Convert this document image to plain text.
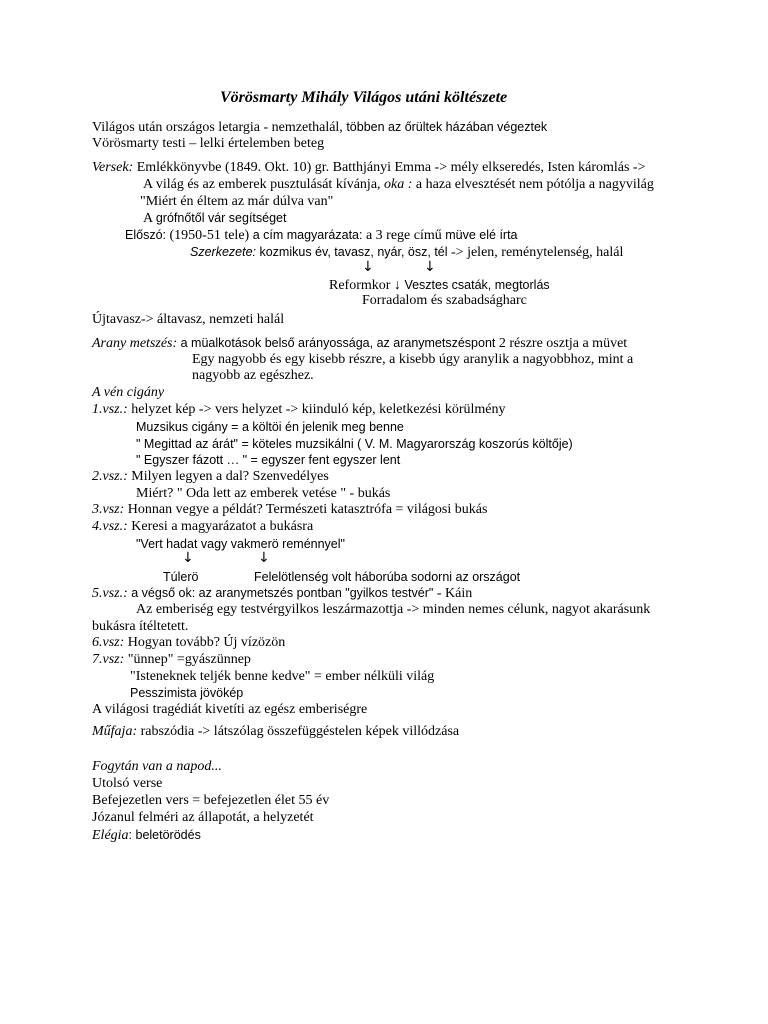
Vörösmarty Mihály Világos utáni költészete
Világos után országos letargia - nemzethalál, többen az őrültek házában végeztek
Vörösmarty testi – lelki értelemben beteg
Versek: Emlékkönyvbe (1849. Okt. 10) gr. Batthjányi Emma -> mély elkseredés, Isten káromlás ->
A világ és az emberek pusztulását kívánja, oka : a haza elvesztését nem pótólja a nagyvilág
"Miért én éltem az már dúlva van"
A grófnőtől vár segítséget
Előszó: (1950-51 tele) a cím magyarázata: a 3 rege című müve elé írta
Szerkezete: kozmikus év, tavasz, nyár, ösz, tél -> jelen, reménytelenség, halál
↓	↓
Reformkor ↓ Vesztes csaták, megtorlás
Forradalom és szabadságharc
Újtavasz-> áltavasz, nemzeti halál
Arany metszés: a müalkotások belső arányossága, az aranymetszéspont 2 részre osztja a müvet
Egy nagyobb és egy kisebb részre, a kisebb úgy aranylik a nagyobbhoz, mint a
nagyobb az egészhez.
A vén cigány
1.vsz.: helyzet kép -> vers helyzet -> kiinduló kép, keletkezési körülmény
Muzsikus cigány = a költöi én jelenik meg benne
" Megittad az árát" = köteles muzsikálni ( V. M. Magyarország koszorús költője)
" Egyszer fázott … " = egyszer fent egyszer lent
2.vsz.: Milyen legyen a dal? Szenvedélyes
Miért? " Oda lett az emberek vetése " - bukás
3.vsz: Honnan vegye a példát? Természeti katasztrófa = világosi bukás
4.vsz.: Keresi a magyarázatot a bukásra
"Vert hadat vagy vakmerö reménnyel"
↓	↓
Túlerö	Felelötlenség volt háborúba sodorni az országot
5.vsz.: a végső ok: az aranymetszés pontban "gyilkos testvér" - Káin
Az emberiség egy testvérgyilkos leszármazottja -> minden nemes célunk, nagyot akarásunk
bukásra ítéltetett.
6.vsz: Hogyan tovább? Új vízözön
7.vsz: "ünnep" =gyászünnep
"Isteneknek teljék benne kedve" = ember nélküli világ
Pesszimista jövökép
A világosi tragédiát kivetíti az egész emberiségre
Műfaja: rabszódia -> látszólag összefüggéstelen képek villódzása
Fogytán van a napod...
Utolsó verse
Befejezetlen vers = befejezetlen élet 55 év
Józanul felméri az állapotát, a helyzetét
Elégia: beletörödés
